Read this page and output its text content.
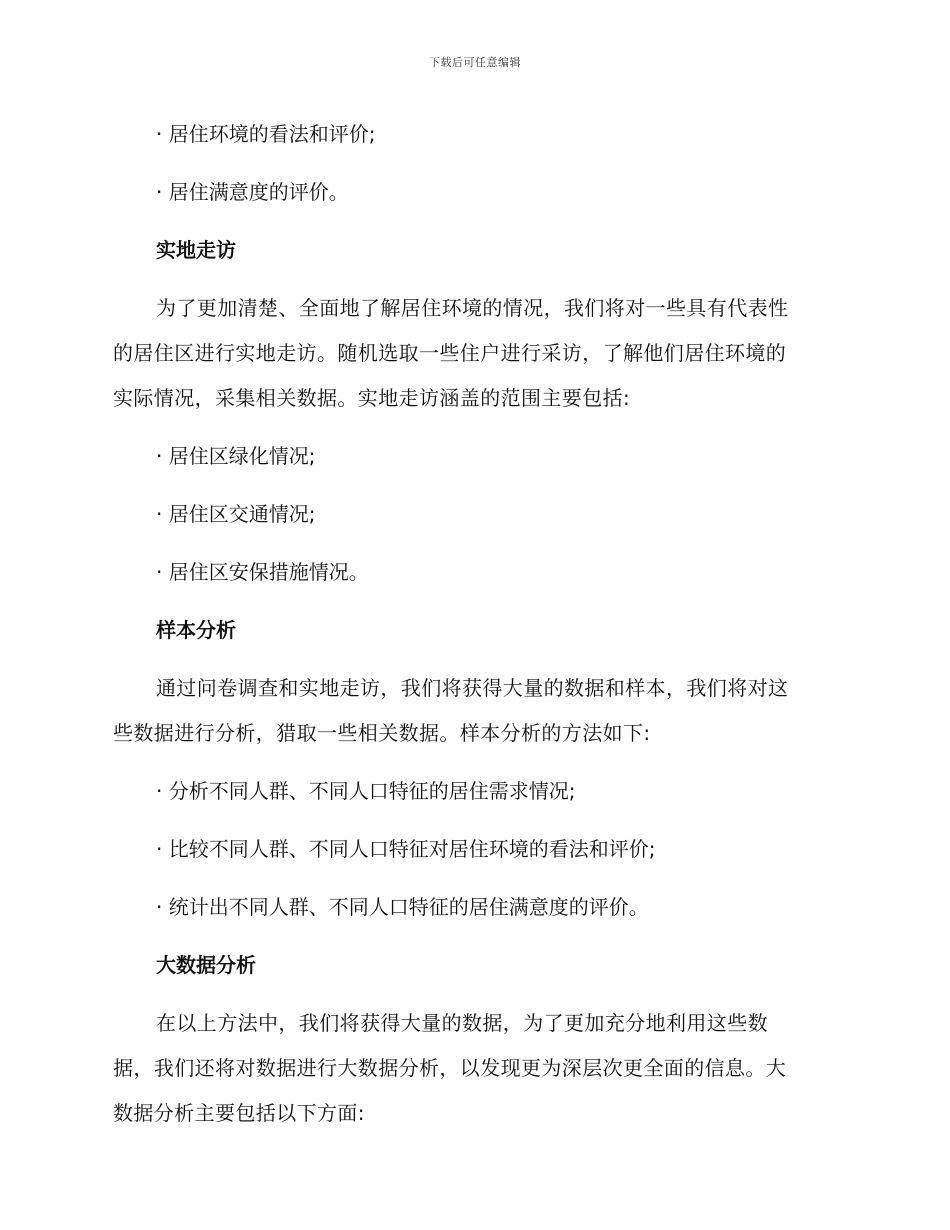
下载后可任意编辑
· 居住环境的看法和评价;
· 居住满意度的评价。
实地走访
为了更加清楚、全面地了解居住环境的情况，我们将对一些具有代表性
的居住区进行实地走访。随机选取一些住户进行采访，了解他们居住环境的
实际情况，采集相关数据。实地走访涵盖的范围主要包括:
· 居住区绿化情况;
· 居住区交通情况;
· 居住区安保措施情况。
样本分析
通过问卷调查和实地走访，我们将获得大量的数据和样本，我们将对这
些数据进行分析，猎取一些相关数据。样本分析的方法如下:
· 分析不同人群、不同人口特征的居住需求情况;
· 比较不同人群、不同人口特征对居住环境的看法和评价;
· 统计出不同人群、不同人口特征的居住满意度的评价。
大数据分析
在以上方法中，我们将获得大量的数据，为了更加充分地利用这些数
据，我们还将对数据进行大数据分析，以发现更为深层次更全面的信息。大
数据分析主要包括以下方面:
